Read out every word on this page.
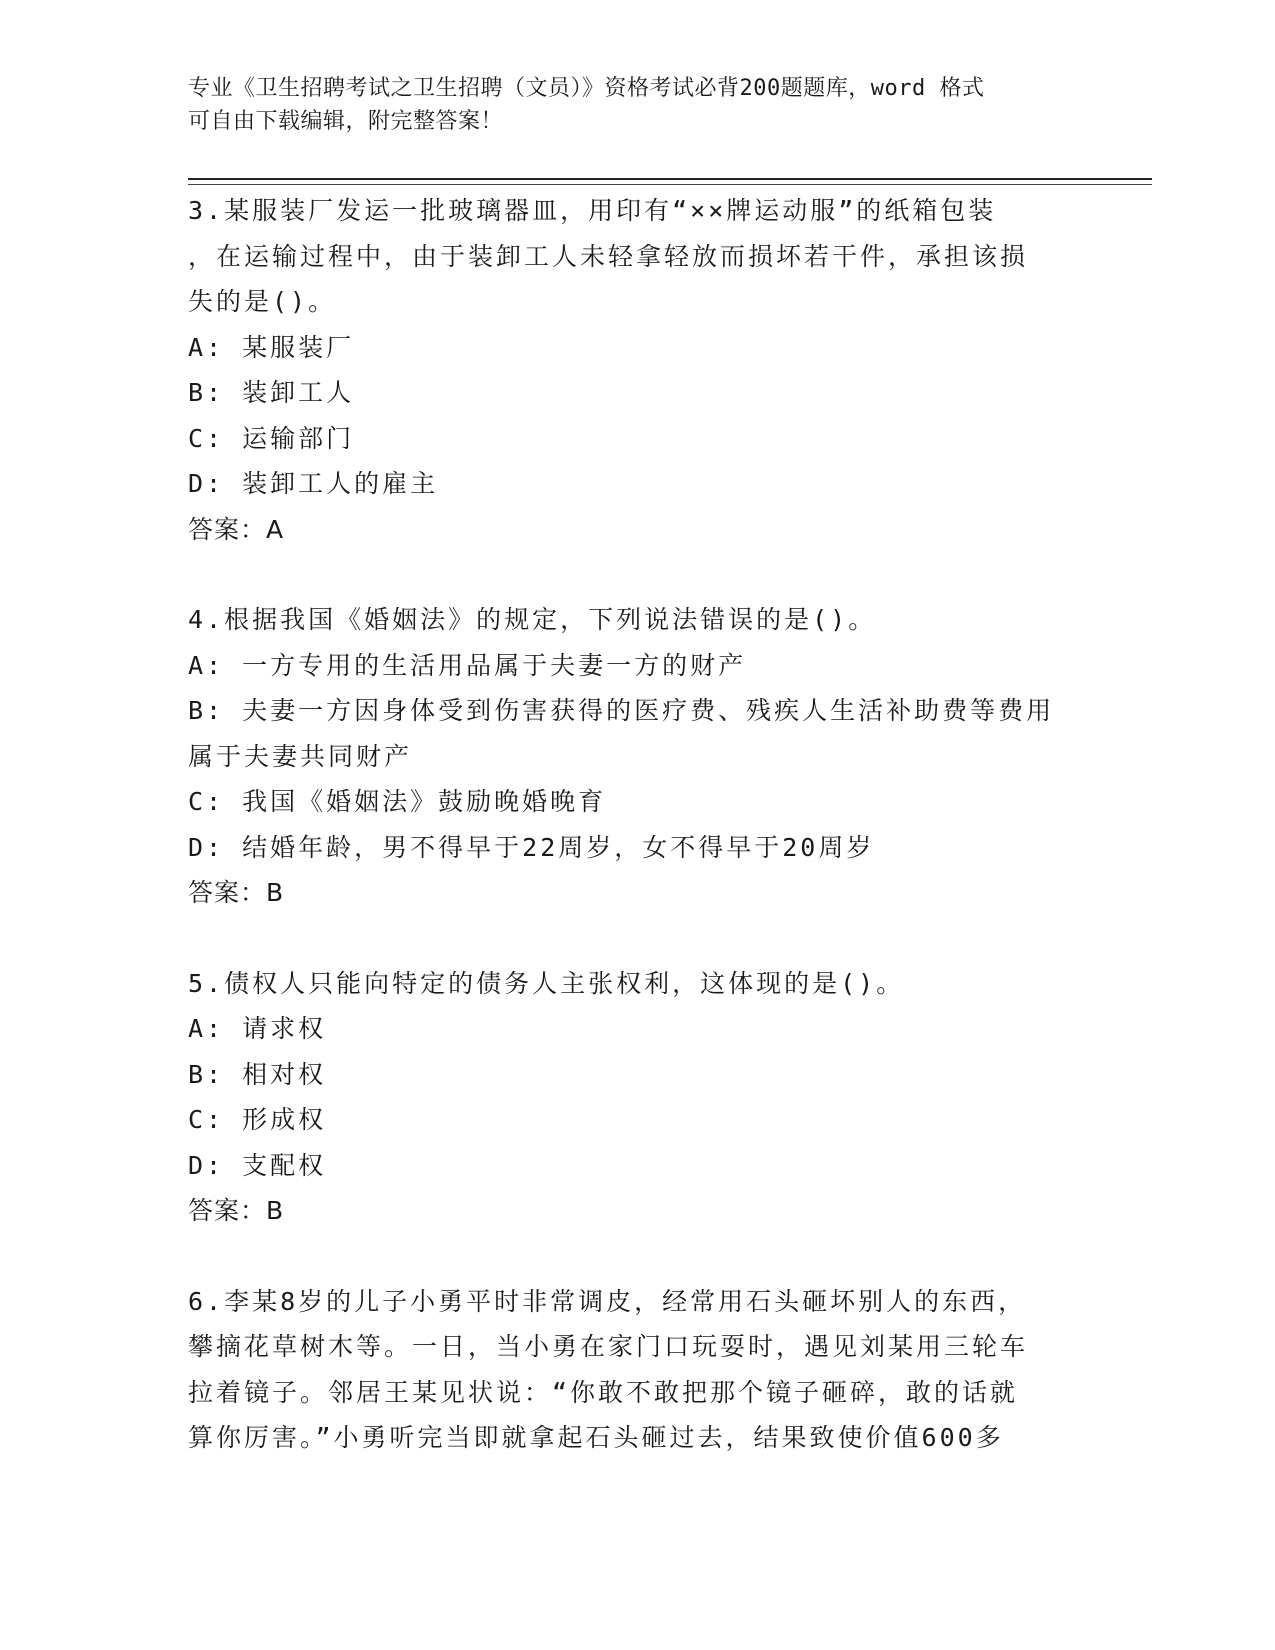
专业《卫生招聘考试之卫生招聘（文员）》资格考试必背200题题库，word 格式
可自由下载编辑，附完整答案！

3.某服装厂发运一批玻璃器皿，用印有“××牌运动服”的纸箱包装

，在运输过程中，由于装卸工人未轻拿轻放而损坏若干件，承担该损

失的是()。

A: 某服装厂

B: 装卸工人

C: 运输部门

D: 装卸工人的雇主

答案：A

4.根据我国《婚姻法》的规定，下列说法错误的是()。

A: 一方专用的生活用品属于夫妻一方的财产

B: 夫妻一方因身体受到伤害获得的医疗费、残疾人生活补助费等费用

属于夫妻共同财产

C: 我国《婚姻法》鼓励晚婚晚育

D: 结婚年龄，男不得早于22周岁，女不得早于20周岁

答案：B

5.债权人只能向特定的债务人主张权利，这体现的是()。

A: 请求权

B: 相对权

C: 形成权

D: 支配权

答案：B

6.李某8岁的儿子小勇平时非常调皮，经常用石头砸坏别人的东西，

攀摘花草树木等。一日，当小勇在家门口玩耍时，遇见刘某用三轮车

拉着镜子。邻居王某见状说：“你敢不敢把那个镜子砸碎，敢的话就

算你厉害。”小勇听完当即就拿起石头砸过去，结果致使价值600多
